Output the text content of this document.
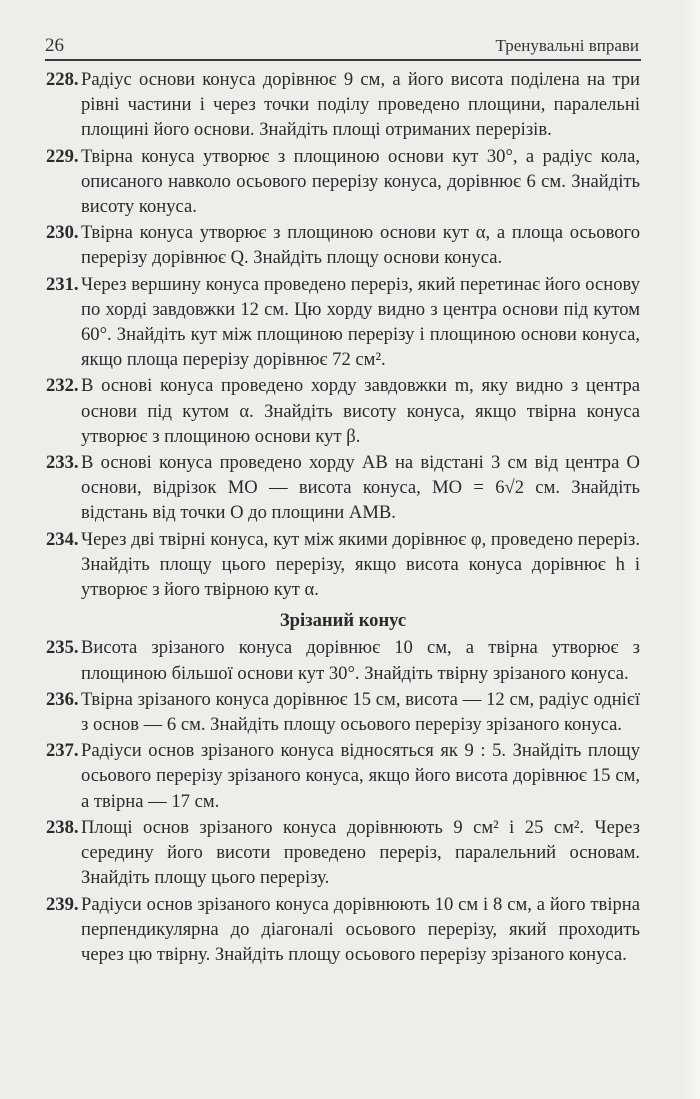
26	Тренувальні вправи
228. Радіус основи конуса дорівнює 9 см, а його висота поділена на три рівні частини і через точки поділу проведено площини, паралельні площині його основи. Знайдіть площі отриманих перерізів.
229. Твірна конуса утворює з площиною основи кут 30°, а радіус кола, описаного навколо осьового перерізу конуса, дорівнює 6 см. Знайдіть висоту конуса.
230. Твірна конуса утворює з площиною основи кут α, а площа осьового перерізу дорівнює Q. Знайдіть площу основи конуса.
231. Через вершину конуса проведено переріз, який перетинає його основу по хорді завдовжки 12 см. Цю хорду видно з центра основи під кутом 60°. Знайдіть кут між площиною перерізу і площиною основи конуса, якщо площа перерізу дорівнює 72 см².
232. В основі конуса проведено хорду завдовжки m, яку видно з центра основи під кутом α. Знайдіть висоту конуса, якщо твірна конуса утворює з площиною основи кут β.
233. В основі конуса проведено хорду AB на відстані 3 см від центра O основи, відрізок MO — висота конуса, MO = 6√2 см. Знайдіть відстань від точки O до площини AMB.
234. Через дві твірні конуса, кут між якими дорівнює φ, проведено переріз. Знайдіть площу цього перерізу, якщо висота конуса дорівнює h і утворює з його твірною кут α.
Зрізаний конус
235. Висота зрізаного конуса дорівнює 10 см, а твірна утворює з площиною більшої основи кут 30°. Знайдіть твірну зрізаного конуса.
236. Твірна зрізаного конуса дорівнює 15 см, висота — 12 см, радіус однієї з основ — 6 см. Знайдіть площу осьового перерізу зрізаного конуса.
237. Радіуси основ зрізаного конуса відносяться як 9 : 5. Знайдіть площу осьового перерізу зрізаного конуса, якщо його висота дорівнює 15 см, а твірна — 17 см.
238. Площі основ зрізаного конуса дорівнюють 9 см² і 25 см². Через середину його висоти проведено переріз, паралельний основам. Знайдіть площу цього перерізу.
239. Радіуси основ зрізаного конуса дорівнюють 10 см і 8 см, а його твірна перпендикулярна до діагоналі осьового перерізу, який проходить через цю твірну. Знайдіть площу осьового перерізу зрізаного конуса.
